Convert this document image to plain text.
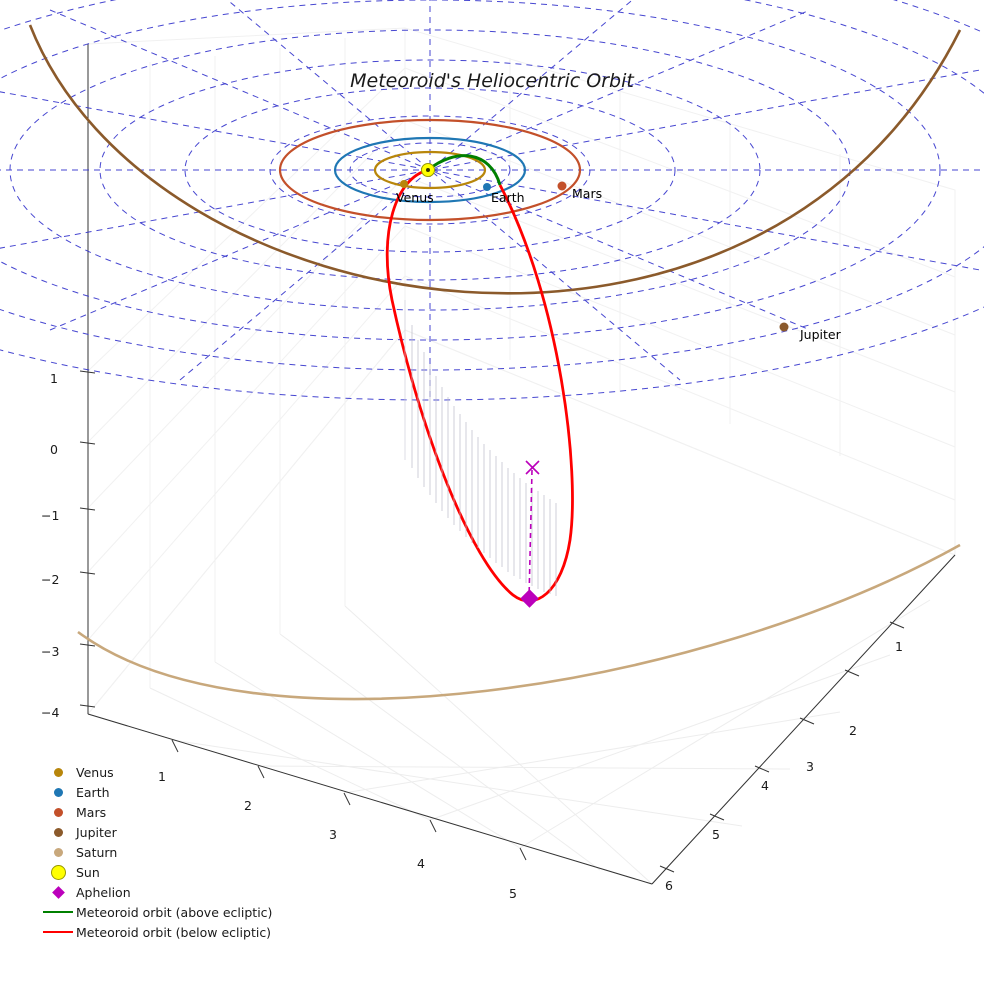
Meteoroid's Heliocentric Orbit
Venus	Earth	Mars
Jupiter
1
0
−1
−2
−3
−4
1
2
3
4
5
1
2
3
4
5
6
Venus
Earth
Mars
Jupiter
Saturn
Sun
Aphelion
Meteoroid orbit (above ecliptic)
Meteoroid orbit (below ecliptic)
